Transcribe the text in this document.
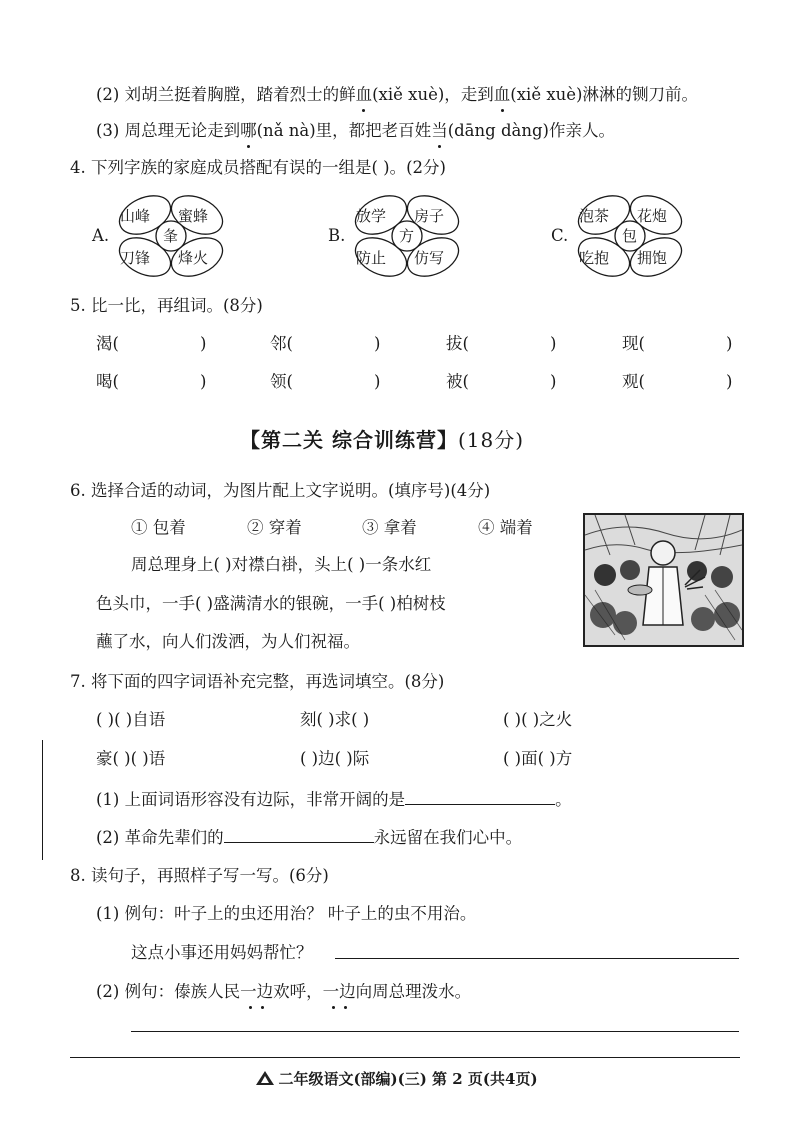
(2) 刘胡兰挺着胸膛，踏着烈士的鲜血(xiě xuè)，走到血(xiě xuè)淋淋的铡刀前。
(3) 周总理无论走到哪(nǎ nà)里，都把老百姓当(dāng dàng)作亲人。
4. 下列字族的家庭成员搭配有误的一组是( )。(2分)
A.
山峰 蜜蜂
刀锋 烽火
夆	B.
放学 房子
防止 仿写
方	C.
泡茶 花炮
吃抱 拥饱
包
5. 比一比，再组词。(8分)
渴(	)	邻(	)	拔(	)	现(	)
喝(	)	领(	)	被(	)	观(	)
【第二关 综合训练营】(18分)
6. 选择合适的动词，为图片配上文字说明。(填序号)(4分)
① 包着	② 穿着	③ 拿着	④ 端着
周总理身上( )对襟白褂，头上( )一条水红
色头巾，一手( )盛满清水的银碗，一手( )柏树枝
蘸了水，向人们泼洒，为人们祝福。
7. 将下面的四字词语补充完整，再选词填空。(8分)
( )( )自语	刻( )求( )	( )( )之火
豪( )( )语	( )边( )际	( )面( )方
(1) 上面词语形容没有边际，非常开阔的是	。
(2) 革命先辈们的	永远留在我们心中。
8. 读句子，再照样子写一写。(6分)
(1) 例句：叶子上的虫还用治？ 叶子上的虫不用治。
这点小事还用妈妈帮忙？
(2) 例句：傣族人民一边欢呼，一边向周总理泼水。
二年级语文(部编)(三) 第 2 页(共4页)
